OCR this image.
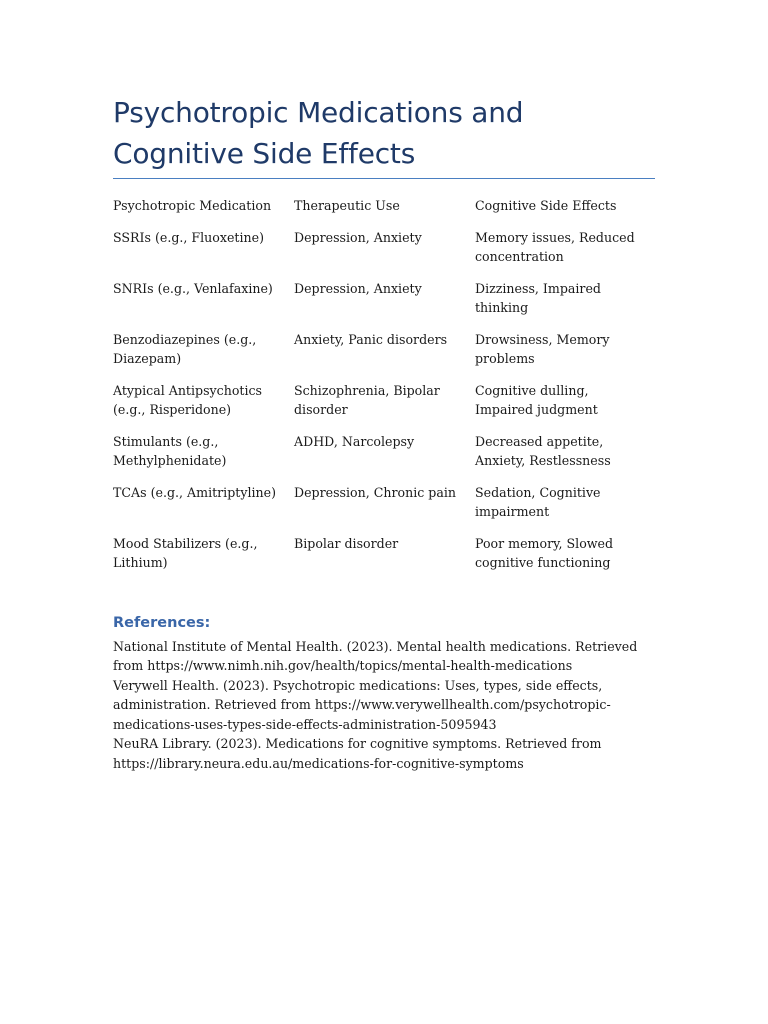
Psychotropic Medications and Cognitive Side Effects
Psychotropic Medication	Therapeutic Use	Cognitive Side Effects
SSRIs (e.g., Fluoxetine)	Depression, Anxiety	Memory issues, Reduced concentration
SNRIs (e.g., Venlafaxine)	Depression, Anxiety	Dizziness, Impaired thinking
Benzodiazepines (e.g., Diazepam)	Anxiety, Panic disorders	Drowsiness, Memory problems
Atypical Antipsychotics (e.g., Risperidone)	Schizophrenia, Bipolar disorder	Cognitive dulling, Impaired judgment
Stimulants (e.g., Methylphenidate)	ADHD, Narcolepsy	Decreased appetite, Anxiety, Restlessness
TCAs (e.g., Amitriptyline)	Depression, Chronic pain	Sedation, Cognitive impairment
Mood Stabilizers (e.g., Lithium)	Bipolar disorder	Poor memory, Slowed cognitive functioning
References:

National Institute of Mental Health. (2023). Mental health medications. Retrieved from https://www.nimh.nih.gov/health/topics/mental-health-medications

Verywell Health. (2023). Psychotropic medications: Uses, types, side effects, administration. Retrieved from https://www.verywellhealth.com/psychotropic-medications-uses-types-side-effects-administration-5095943

NeuRA Library. (2023). Medications for cognitive symptoms. Retrieved from https://library.neura.edu.au/medications-for-cognitive-symptoms
